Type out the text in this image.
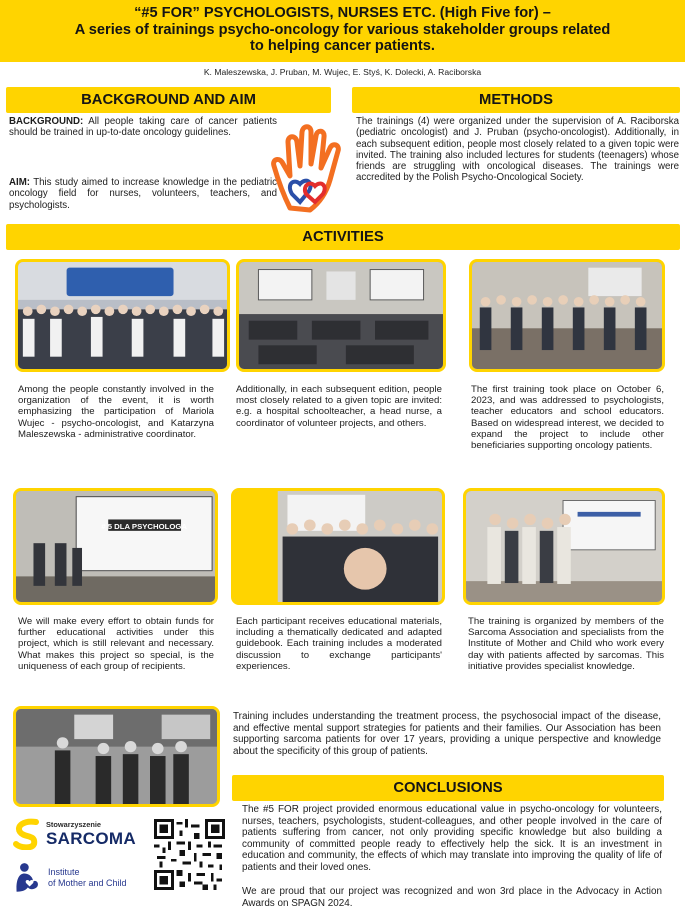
“#5 FOR” PSYCHOLOGISTS, NURSES ETC. (High Five for) –
A series of trainings psycho-oncology for various stakeholder groups related
to helping cancer patients.
K. Maleszewska, J. Pruban, M. Wujec, E. Styś, K. Dolecki, A. Raciborska
BACKGROUND AND AIM
BACKGROUND: All people taking care of cancer patients should be trained in up-to-date oncology guidelines.
AIM: This study aimed to increase knowledge in the pediatric oncology field for nurses, volunteers, teachers, and psychologists.
METHODS
The trainings (4) were organized under the supervision of A. Raciborska (pediatric oncologist) and J. Pruban (psycho-oncologist). Additionally, in each subsequent edition, people most closely related to a given topic were invited. The training also included lectures for students (teenagers) whose friends are struggling with oncological diseases. The trainings were accredited by the Polish Psycho-Oncological Society.
ACTIVITIES
Among the people constantly involved in the organization of the event, it is worth emphasizing the participation of Mariola Wujec - psycho-oncologist, and Katarzyna Maleszewska - administrative coordinator.
Additionally, in each subsequent edition, people most closely related to a given topic are invited: e.g. a hospital schoolteacher, a head nurse, a coordinator of volunteer projects, and others.
The first training took place on October 6, 2023, and was addressed to psychologists, teacher educators and school educators. Based on widespread interest, we decided to expand the project to include other beneficiaries supporting oncology patients.
# 5 DLA PSYCHOLOGA
We will make every effort to obtain funds for further educational activities under this project, which is still relevant and necessary. What makes this project so special, is the uniqueness of each group of recipients.
Each participant receives educational materials, including a thematically dedicated and adapted guidebook. Each training includes a moderated discussion to exchange participants' experiences.
The training is organized by members of the Sarcoma Association and specialists from the Institute of Mother and Child who work every day with patients affected by sarcomas. This initiative provides specialist knowledge.
Training includes understanding the treatment process, the psychosocial impact of the disease, and effective mental support strategies for patients and their families. Our Association has been supporting sarcoma patients for over 17 years, providing a unique perspective and knowledge about the specificity of this group of patients.
CONCLUSIONS
The #5 FOR project provided enormous educational value in psycho-oncology for volunteers, nurses, teachers, psychologists, student-colleagues, and other people involved in the care of patients suffering from cancer, not only providing specific knowledge but also building a community of committed people ready to effectively help the sick. It is an investment in education and community, the effects of which may translate into improving the quality of life of patients and their loved ones.
We are proud that our project was recognized and won 3rd place in the Advocacy in Action Awards on SPAGN 2024.
Stowarzyszenie
SARCOMA
Institute
of Mother and Child
